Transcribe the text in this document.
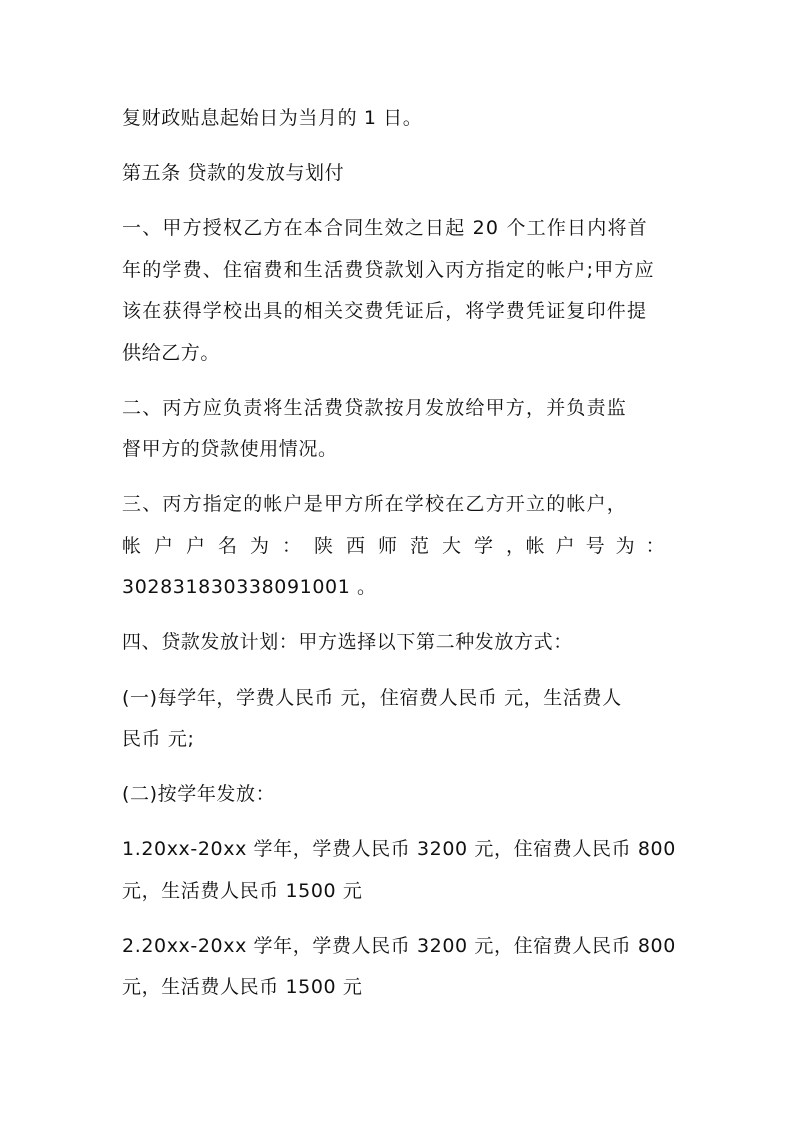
复财政贴息起始日为当月的 1 日。
第五条 贷款的发放与划付
一、甲方授权乙方在本合同生效之日起 20 个工作日内将首
年的学费、住宿费和生活费贷款划入丙方指定的帐户;甲方应
该在获得学校出具的相关交费凭证后，将学费凭证复印件提
供给乙方。
二、丙方应负责将生活费贷款按月发放给甲方，并负责监
督甲方的贷款使用情况。
三、丙方指定的帐户是甲方所在学校在乙方开立的帐户，
帐户户名为：陕西师范大学 ， 帐户号为：
302831830338091001 。
四、贷款发放计划：甲方选择以下第二种发放方式：
(一)每学年，学费人民币 元，住宿费人民币 元，生活费人
民币 元;
(二)按学年发放：
1.20xx-20xx 学年，学费人民币 3200 元，住宿费人民币 800
元，生活费人民币 1500 元
2.20xx-20xx 学年，学费人民币 3200 元，住宿费人民币 800
元，生活费人民币 1500 元
